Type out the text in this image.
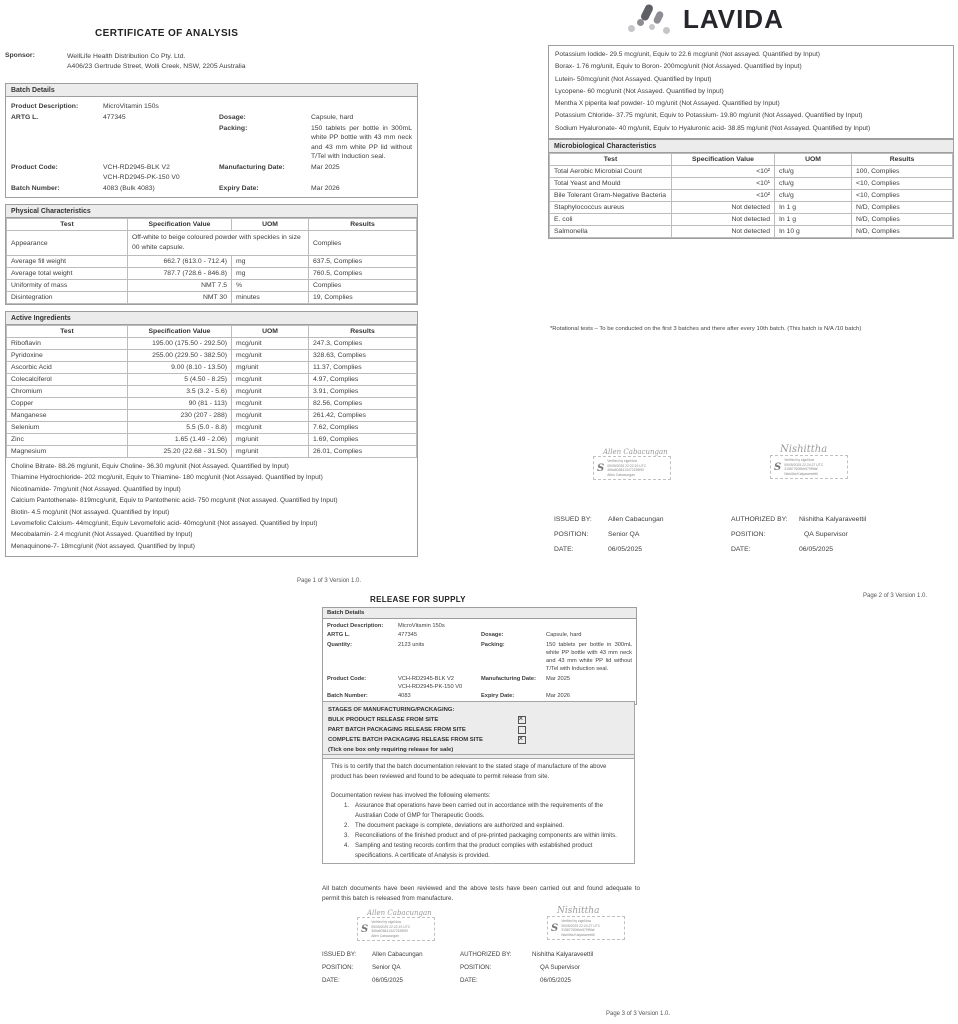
CERTIFICATE OF ANALYSIS
Sponsor:	WellLife Health Distribution Co Pty. Ltd.
A406/23 Gertrude Street, Wolli Creek, NSW, 2205 Australia
Batch Details
Product Description:	MicroVitamin 150s
ARTG L.	477345	Dosage:	Capsule, hard
Packing:	150 tablets per bottle in 300mL white PP bottle with 43 mm neck and 43 mm white PP lid without T/Tel with Induction seal.
Product Code:	VCH-RD2945-BLK V2
VCH-RD2945-PK-150 V0
Manufacturing Date:	Mar 2025
Batch Number:	4083 (Bulk 4083)	Expiry Date:	Mar 2026
Physical Characteristics
Test	Specification Value	UOM	Results
Appearance	Off-white to beige coloured powder with speckles in size 00 white capsule.		Complies
Average fill weight	662.7 (613.0 - 712.4)	mg	637.5, Complies
Average total weight	787.7 (728.6 - 846.8)	mg	760.5, Complies
Uniformity of mass	NMT 7.5	%	Complies
Disintegration	NMT 30	minutes	19, Complies
Active Ingredients
Test	Specification Value	UOM	Results
Riboflavin	195.00 (175.50 - 292.50)	mcg/unit	247.3, Complies
Pyridoxine	255.00 (229.50 - 382.50)	mcg/unit	328.63, Complies
Ascorbic Acid	9.00 (8.10 - 13.50)	mg/unit	11.37, Complies
Colecalciferol	5 (4.50 - 8.25)	mcg/unit	4.97, Complies
Chromium	3.5 (3.2 - 5.6)	mcg/unit	3.91, Complies
Copper	90 (81 - 113)	mcg/unit	82.56, Complies
Manganese	230 (207 - 288)	mcg/unit	261.42, Complies
Selenium	5.5 (5.0 - 8.8)	mcg/unit	7.62, Complies
Zinc	1.65 (1.49 - 2.06)	mg/unit	1.69, Complies
Magnesium	25.20 (22.68 - 31.50)	mg/unit	26.01, Complies
Choline Bitrate- 88.26 mg/unit, Equiv Choline- 36.30 mg/unit (Not Assayed. Quantified by Input)
Thiamine Hydrochloride- 202 mcg/unit, Equiv to Thiamine- 180 mcg/unit (Not Assayed. Quantified by Input)
Nicotinamide- 7mg/unit (Not Assayed. Quantified by Input)
Calcium Pantothenate- 819mcg/unit, Equiv to Pantothenic acid- 750 mcg/unit (Not assayed. Quantified by Input)
Biotin- 4.5 mcg/unit (Not assayed. Quantified by Input)
Levomefolic Calcium- 44mcg/unit, Equiv Levomefolic acid- 40mcg/unit (Not assayed. Quantified by Input)
Mecobalamin- 2.4 mcg/unit (Not Assayed. Quantified by Input)
Menaquinone-7- 18mcg/unit (Not assayed. Quantified by Input)
LAVIDA
Potassium Iodide- 29.5 mcg/unit, Equiv to 22.6 mcg/unit (Not assayed. Quantified by Input)
Borax- 1.76 mg/unit, Equiv to Boron- 200mcg/unit (Not Assayed. Quantified by Input)
Lutein- 50mcg/unit (Not Assayed. Quantified by Input)
Lycopene- 60 mcg/unit (Not Assayed. Quantified by Input)
Mentha X piperita leaf powder- 10 mg/unit (Not Assayed. Quantified by Input)
Potassium Chloride- 37.75 mg/unit, Equiv to Potassium- 19.80 mg/unit (Not Assayed. Quantified by Input)
Sodium Hyaluronate- 40 mg/unit, Equiv to Hyaluronic acid- 38.85 mg/unit (Not Assayed. Quantified by Input)
Microbiological Characteristics
Test	Specification Value	UOM	Results
Total Aerobic Microbial Count	<10²	cfu/g	100, Complies
Total Yeast and Mould	<10¹	cfu/g	<10, Complies
Bile Tolerant Gram-Negative Bacteria	<10²	cfu/g	<10, Complies
Staphylococcus aureus	Not detected	In 1 g	N/D, Complies
E. coli	Not detected	In 1 g	N/D, Complies
Salmonella	Not detected	In 10 g	N/D, Complies
*Rotational tests – To be conducted on the first 3 batches and there after every 10th batch. (This batch is N/A /10 batch)
Allen Cabacungan
S
Verified by signNow
05/05/2025 22:22:19 UTC
365a5038413472159f90
Allen Cabacungan
Nishittha
S
Verified by signNow
05/05/2025 22:24:27 UTC
31587760f6rb579f9faf
Nishitha Kalyaraveettil
ISSUED BY:	Allen Cabacungan
POSITION:	Senior QA
DATE:	06/05/2025
AUTHORIZED BY:	Nishitha Kalyaraveettil
POSITION:	QA Supervisor
DATE:	06/05/2025
RELEASE FOR SUPPLY
Batch Details
Product Description:	MicroVitamin 150s
ARTG L.	477345	Dosage:	Capsule, hard
Quantity:	2123 units	Packing:	150 tablets per bottle in 300mL white PP bottle with 43 mm neck and 43 mm white PP lid without T/Tel with Induction seal.
Product Code:	VCH-RD2945-BLK V2
VCH-RD2945-PK-150 V0
Manufacturing Date:	Mar 2025
Batch Number:	4083	Expiry Date:	Mar 2026
STAGES OF MANUFACTURING/PACKAGING:
BULK PRODUCT RELEASE FROM SITE
×
PART BATCH PACKAGING RELEASE FROM SITE
COMPLETE BATCH PACKAGING RELEASE FROM SITE
×
(Tick one box only requiring release for sale)
This is to certify that the batch documentation relevant to the stated stage of manufacture of the above product has been reviewed and found to be adequate to permit release from site.
Documentation review has involved the following elements:
1. Assurance that operations have been carried out in accordance with the requirements of the Australian Code of GMP for Therapeutic Goods.
2. The document package is complete, deviations are authorized and explained.
3. Reconciliations of the finished product and of pre-printed packaging components are within limits.
4. Sampling and testing records confirm that the product complies with established product specifications. A certificate of Analysis is provided.
All batch documents have been reviewed and the above tests have been carried out and found adequate to permit this batch is released from manufacture.
Allen Cabacungan
S
Verified by signNow
05/05/2025 22:22:19 UTC
365a5038413472159f90
Allen Cabacungan
Nishittha
S
Verified by signNow
05/05/2025 22:24:27 UTC
31587760f6rb579f9faf
Nishitha Kalyaraveettil
ISSUED BY:	Allen Cabacungan
POSITION:	Senior QA
DATE:	06/05/2025
AUTHORIZED BY:	Nishitha Kalyaraveettil
POSITION:	QA Supervisor
DATE:	06/05/2025
Page 1 of 3 Version 1.0.
Page 2 of 3 Version 1.0.
Page 3 of 3 Version 1.0.
